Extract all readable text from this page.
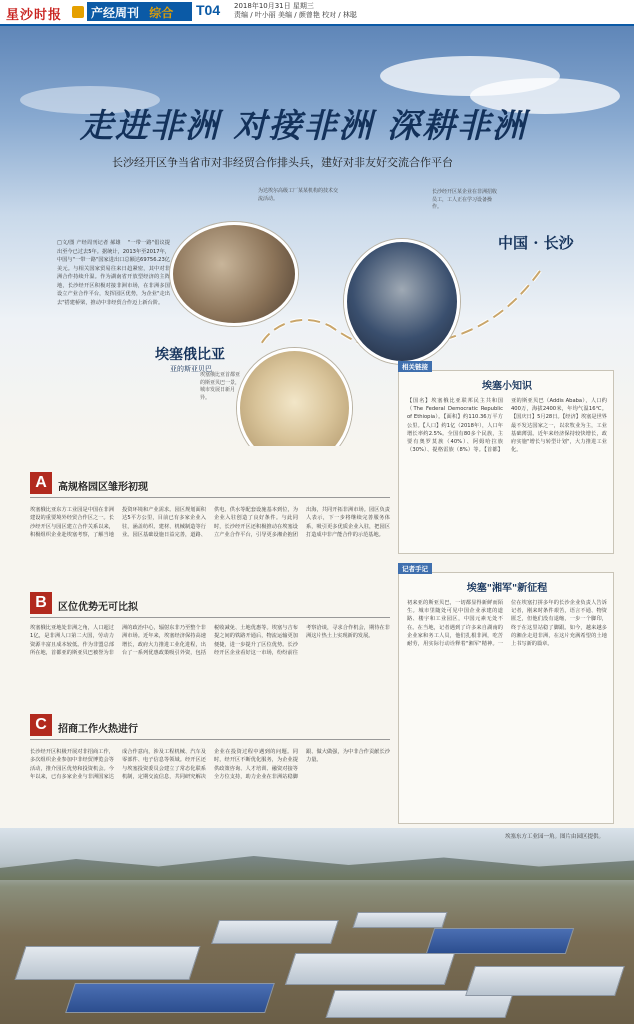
星沙时报	产经周刊 综合	T04 2018年10月31日 星期三
责编 / 叶小丽 美编 / 颜曾艳 校对 / 林聪
走进非洲 对接非洲 深耕非洲
长沙经开区争当省市对非经贸合作排头兵，建好对非友好交流合作平台
□文/图 产经周刊记者 郝雄 　"一带一路"倡议提出至今已过去5年。据统计，2013年至2017年，中国与"一带一路"国家进出口总额达69756.23亿美元。与相关国家贸易往来日趋紧密，其中对非洲合作持续升温。作为湖南省开放型经济的主阵地，长沙经开区积极对接非洲市场，在非洲多国设立产业合作平台，发挥园区优势，为企业"走出去"搭建桥梁，推动中非经贸合作迈上新台阶。
为达埃尔高级工厂某某机构的技术交流活动。
长沙经开区某企业在非洲招收员工，工人正在学习设备操作。
埃塞俄比亚首都亚的斯亚贝巴一景，城市发展日新月异。
中国 · 长沙
埃塞俄比亚
亚的斯亚贝巴
A	高规格园区雏形初现
埃塞俄比亚东方工业园是中国在非洲建设的重要境外经贸合作区之一。长沙经开区与园区建立合作关系以来，积极组织企业赴埃塞考察，了解当地投资环境和产业需求。园区规划面积达5平方公里，目前已有多家企业入驻，涵盖纺织、建材、机械制造等行业。园区基础设施日益完善，道路、供电、供水等配套设施基本到位，为企业入驻创造了良好条件。与此同时，长沙经开区还积极推动在埃塞设立产业合作平台，引导更多湘企抱团出海，共同开拓非洲市场。园区负责人表示，下一步将继续完善服务体系，吸引更多优质企业入驻，把园区打造成中非产能合作的示范基地。
B	区位优势无可比拟
埃塞俄比亚地处非洲之角，人口超过1亿，是非洲人口第二大国，劳动力资源丰富且成本较低。作为非盟总部所在地，首都亚的斯亚贝巴被誉为非洲的政治中心，辐射东非乃至整个非洲市场。近年来，埃塞经济保持高速增长，政府大力推进工业化进程，出台了一系列优惠政策吸引外资，包括税收减免、土地优惠等。埃塞与吉布提之间的铁路开通后，物流运输更加便捷，进一步提升了区位优势。长沙经开区企业看好这一市场，纷纷前往考察洽谈，寻求合作机会，期待在非洲这片热土上实现新的发展。
C	招商工作火热进行
长沙经开区积极开展对非招商工作，多次组织企业参加中非经贸博览会等活动，推介园区优势和投资机会。今年以来，已有多家企业与非洲国家达成合作意向，涉及工程机械、汽车及零部件、电子信息等领域。经开区还与埃塞投资委员会建立了常态化联系机制，定期交流信息，共同研究解决企业在投资过程中遇到的问题。同时，经开区不断优化服务，为企业提供政策咨询、人才培训、融资对接等全方位支持，助力企业在非洲站稳脚跟、做大做强，为中非合作贡献长沙力量。
相关链接
埃塞小知识
【国名】埃塞俄比亚联邦民主共和国（The Federal Democratic Republic of Ethiopia）。【面积】约110.36万平方公里。【人口】约1亿（2018年），人口年增长率约2.5%。全国有80多个民族，主要有奥罗莫族（40%）、阿姆哈拉族（30%）、提格雷族（8%）等。【首都】亚的斯亚贝巴（Addis Ababa），人口约400万，海拔2400米，年均气温16℃。【国庆日】5月28日。【经济】埃塞是世界最不发达国家之一，以农牧业为主，工业基础薄弱。近年来经济保持较快增长，政府实施"增长与转型计划"，大力推进工业化。
记者手记
埃塞"湘军"新征程
初来亚的斯亚贝巴，一切都显得新鲜而陌生。城市里随处可见中国企业承建的道路、楼宇和工业园区，中国元素无处不在。在当地，记者遇到了许多来自湖南的企业家和务工人员，他们扎根非洲，吃苦耐劳，用实际行动诠释着"湘军"精神。一位在埃塞打拼多年的长沙企业负责人告诉记者，刚来时条件艰苦，语言不通、物资匮乏，但他们没有退缩，一步一个脚印，终于在这里站稳了脚跟。如今，越来越多的湘企走进非洲，在这片充满希望的土地上书写新的篇章。
埃塞东方工业园一角。图片由园区提供。
